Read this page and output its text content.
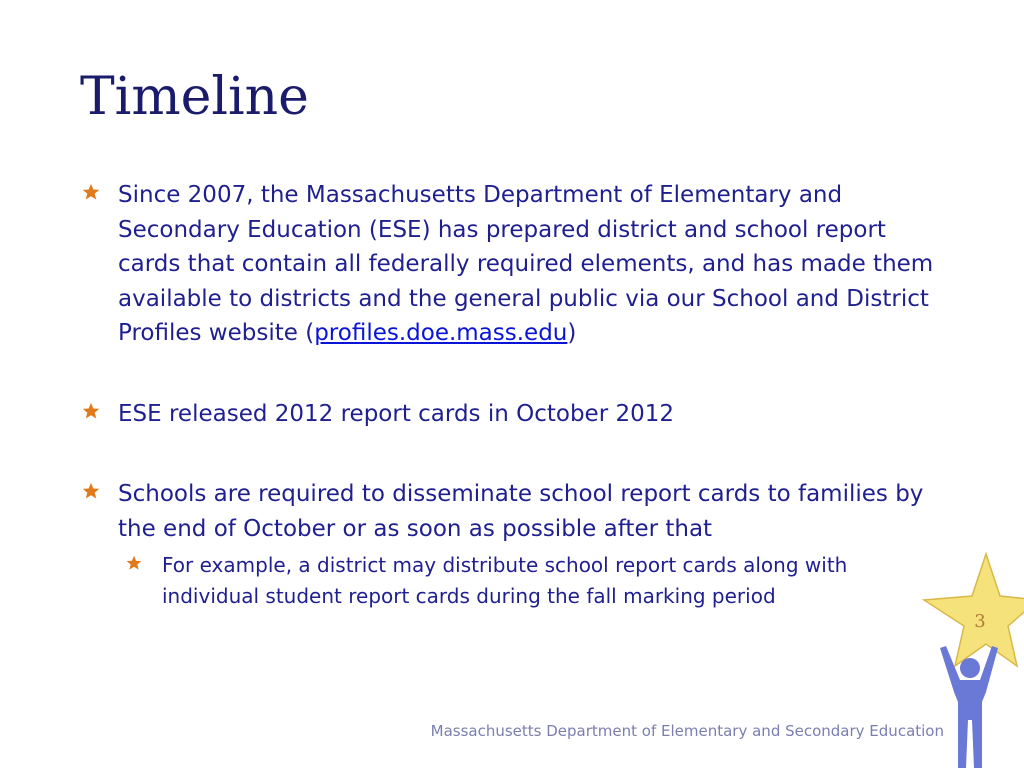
Timeline
Since 2007, the Massachusetts Department of Elementary and Secondary Education (ESE) has prepared district and school report cards that contain all federally required elements, and has made them available to districts and the general public via our School and District Profiles website (profiles.doe.mass.edu)
ESE released 2012 report cards in October 2012
Schools are required to disseminate school report cards to families by the end of October or as soon as possible after that
For example, a district may distribute school report cards along with individual student report cards during the fall marking period
3
Massachusetts Department of Elementary and Secondary Education
